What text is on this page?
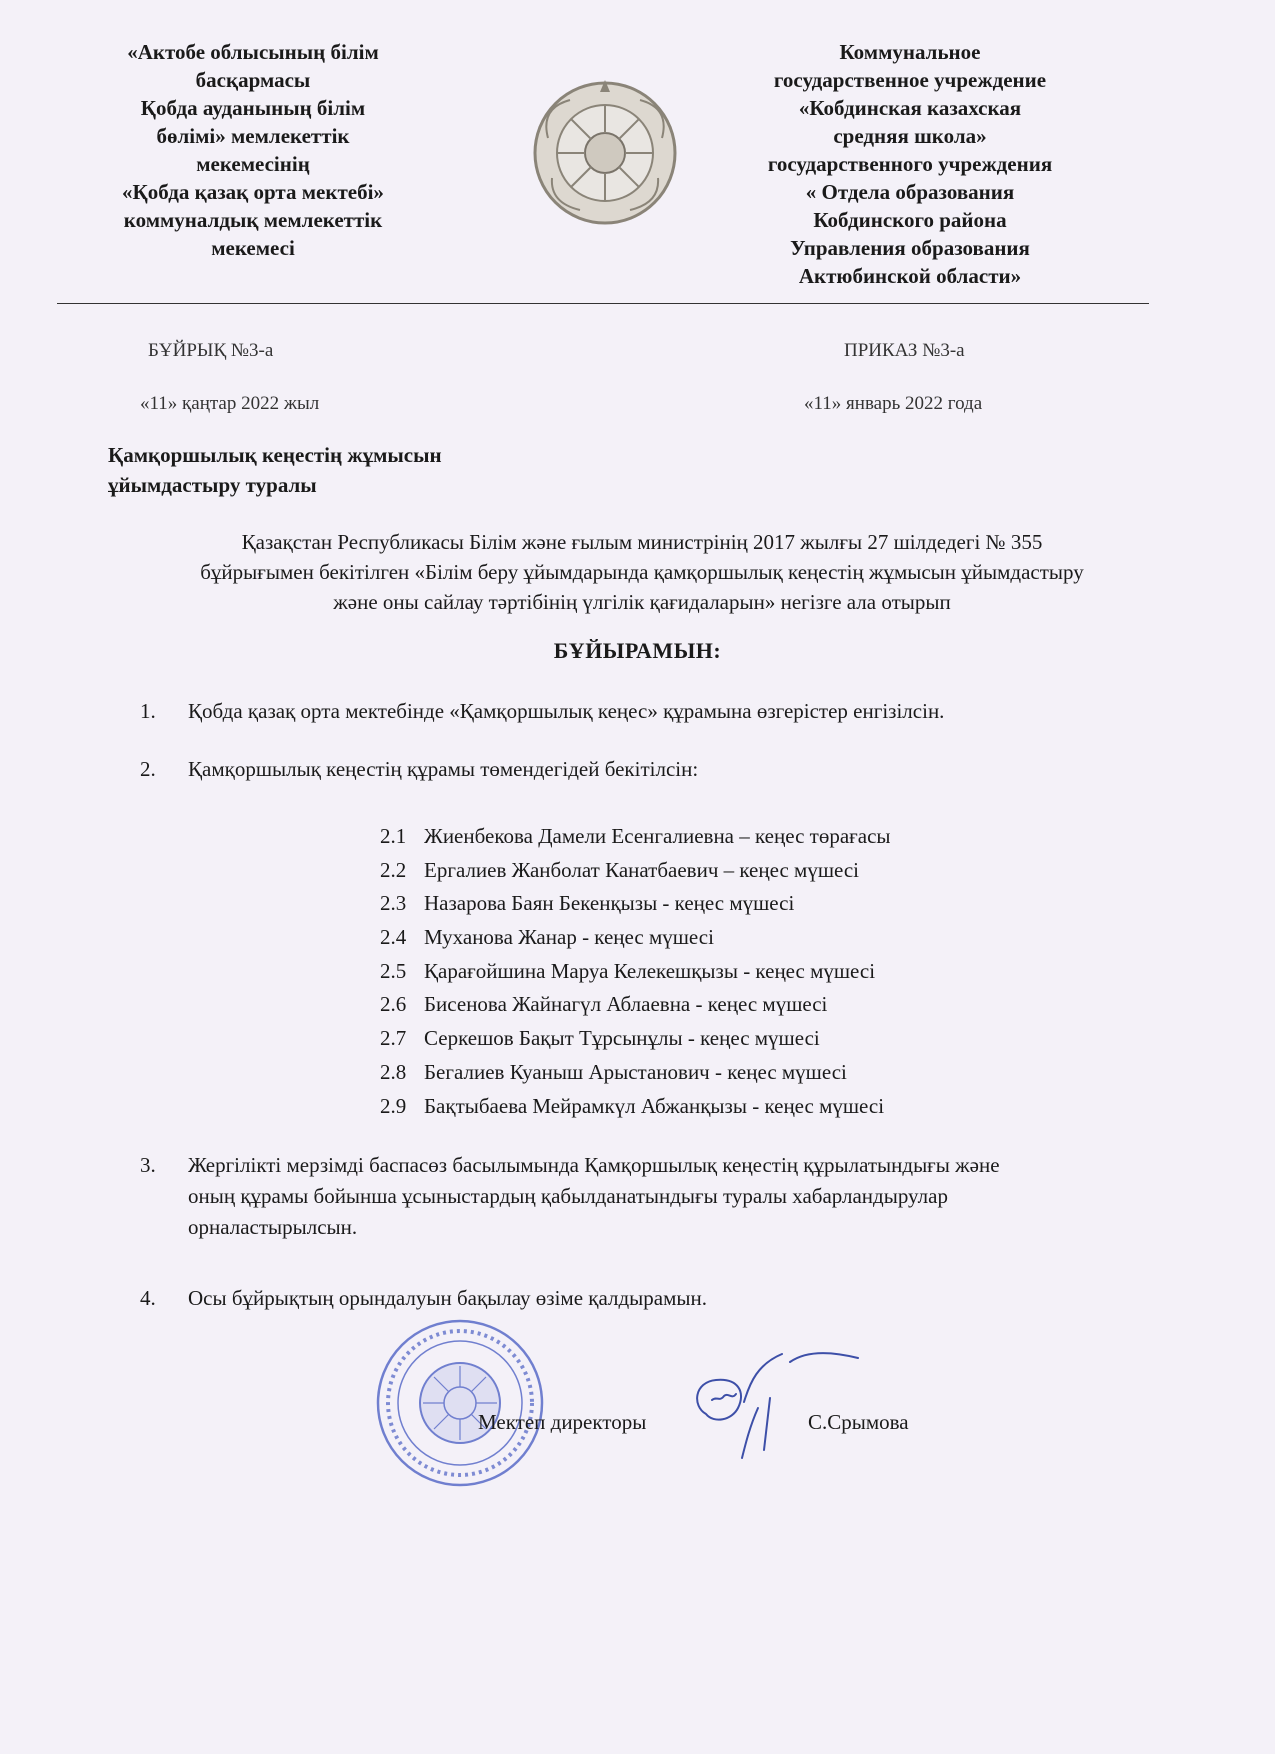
«Актобе облысының білім
басқармасы
Қобда ауданының білім
бөлімі» мемлекеттік
мекемесінің
«Қобда қазақ орта мектебі»
коммуналдық мемлекеттік
мекемесі
Коммунальное
государственное учреждение
«Кобдинская казахская
средняя школа»
государственного учреждения
« Отдела образования
Кобдинского района
Управления образования
Актюбинской области»
БҰЙРЫҚ №3-а	ПРИКАЗ №3-а
«11» қаңтар 2022 жыл	«11» январь 2022 года
Қамқоршылық кеңестің жұмысын
ұйымдастыру туралы
Қазақстан Республикасы Білім және ғылым министрінің 2017 жылғы 27 шілдедегі № 355
бұйрығымен бекітілген «Білім беру ұйымдарында қамқоршылық кеңестің жұмысын ұйымдастыру
және оны сайлау тәртібінің үлгілік қағидаларын» негізге ала отырып
БҰЙЫРАМЫН:
1.	Қобда қазақ орта мектебінде «Қамқоршылық кеңес» құрамына өзгерістер енгізілсін.
2.	Қамқоршылық кеңестің құрамы төмендегідей бекітілсін:
2.1 Жиенбекова Дамели Есенгалиевна – кеңес төрағасы
2.2 Ергалиев Жанболат Канатбаевич – кеңес мүшесі
2.3 Назарова Баян Бекенқызы - кеңес мүшесі
2.4 Муханова Жанар - кеңес мүшесі
2.5 Қарағойшина Маруа Келекешқызы - кеңес мүшесі
2.6 Бисенова Жайнагүл Аблаевна - кеңес мүшесі
2.7 Серкешов Бақыт Тұрсынұлы - кеңес мүшесі
2.8 Бегалиев Куаныш Арыстанович - кеңес мүшесі
2.9 Бақтыбаева Мейрамкүл Абжанқызы - кеңес мүшесі
3.	Жергілікті мерзімді баспасөз басылымында Қамқоршылық кеңестің құрылатындығы және
оның құрамы бойынша ұсыныстардың қабылданатындығы туралы хабарландырулар
орналастырылсын.
4.	Осы бұйрықтың орындалуын бақылау өзіме қалдырамын.
Мектеп директоры	С.Срымова
